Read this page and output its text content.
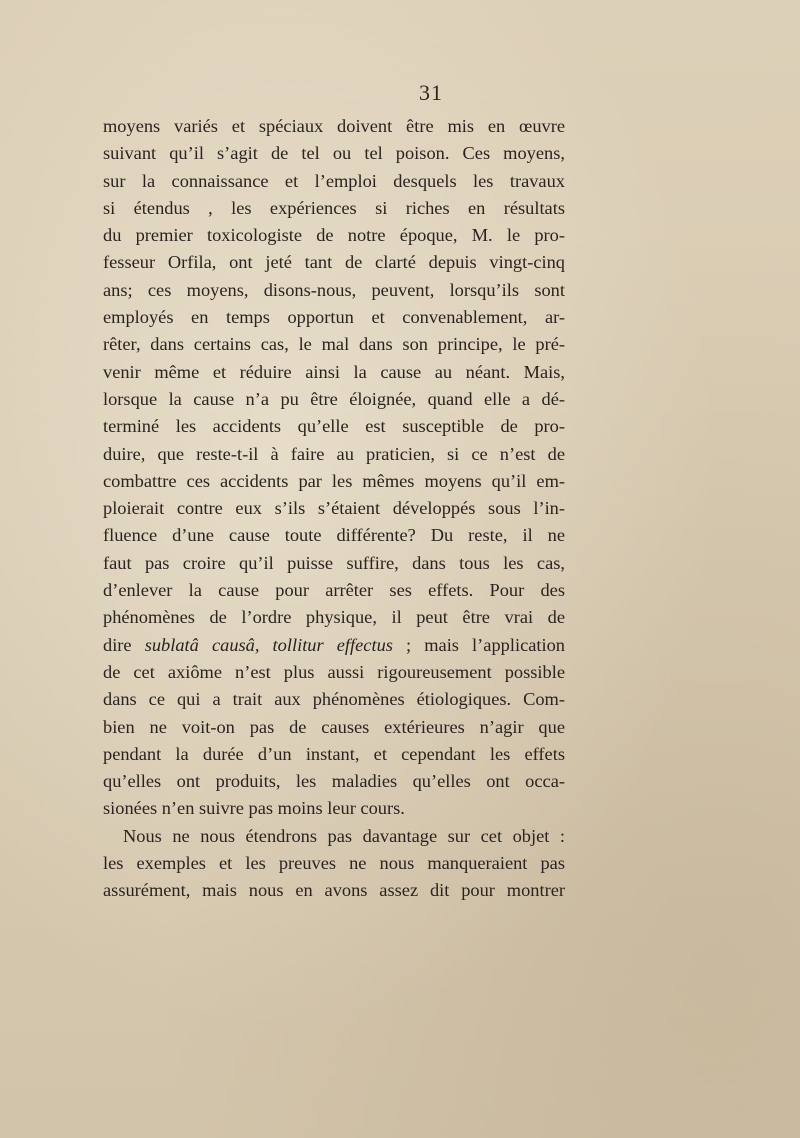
31
moyens variés et spéciaux doivent être mis en œuvre
suivant qu’il s’agit de tel ou tel poison. Ces moyens,
sur la connaissance et l’emploi desquels les travaux
si étendus , les expériences si riches en résultats
du premier toxicologiste de notre époque, M. le pro-
fesseur Orfila, ont jeté tant de clarté depuis vingt-cinq
ans; ces moyens, disons-nous, peuvent, lorsqu’ils sont
employés en temps opportun et convenablement, ar-
rêter, dans certains cas, le mal dans son principe, le pré-
venir même et réduire ainsi la cause au néant. Mais,
lorsque la cause n’a pu être éloignée, quand elle a dé-
terminé les accidents qu’elle est susceptible de pro-
duire, que reste-t-il à faire au praticien, si ce n’est de
combattre ces accidents par les mêmes moyens qu’il em-
ploierait contre eux s’ils s’étaient développés sous l’in-
fluence d’une cause toute différente? Du reste, il ne
faut pas croire qu’il puisse suffire, dans tous les cas,
d’enlever la cause pour arrêter ses effets. Pour des
phénomènes de l’ordre physique, il peut être vrai de
dire sublatâ causâ, tollitur effectus ; mais l’application
de cet axiôme n’est plus aussi rigoureusement possible
dans ce qui a trait aux phénomènes étiologiques. Com-
bien ne voit-on pas de causes extérieures n’agir que
pendant la durée d’un instant, et cependant les effets
qu’elles ont produits, les maladies qu’elles ont occa-
sionées n’en suivre pas moins leur cours.
Nous ne nous étendrons pas davantage sur cet objet :
les exemples et les preuves ne nous manqueraient pas
assurément, mais nous en avons assez dit pour montrer
